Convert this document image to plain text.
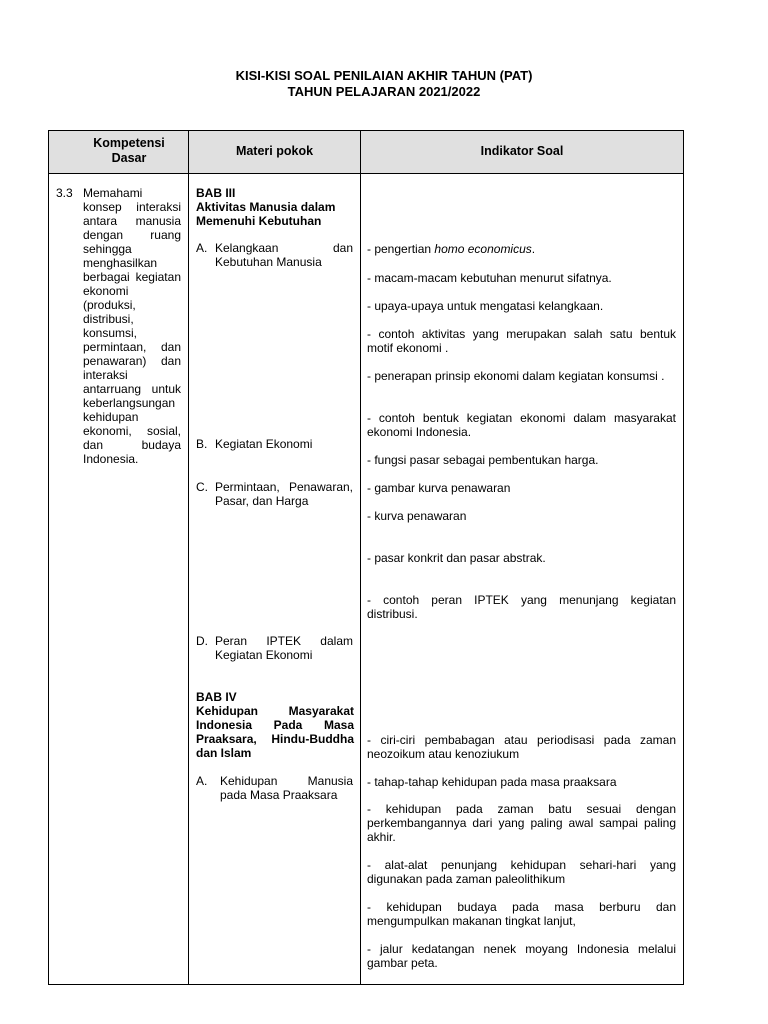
KISI-KISI SOAL PENILAIAN AKHIR TAHUN (PAT)
TAHUN PELAJARAN 2021/2022
Kompetensi Dasar	Materi pokok	Indikator Soal
3.3 Memahami konsep interaksi antara manusia dengan ruang sehingga menghasilkan berbagai kegiatan ekonomi (produksi, distribusi, konsumsi, permintaan, dan penawaran) dan interaksi antarruang untuk keberlangsungan kehidupan ekonomi, sosial, dan budaya Indonesia.
BAB III
Aktivitas Manusia dalam Memenuhi Kebutuhan
A. Kelangkaan dan Kebutuhan Manusia
B. Kegiatan Ekonomi
C. Permintaan, Penawaran, Pasar, dan Harga
D. Peran IPTEK dalam Kegiatan Ekonomi
BAB IV
Kehidupan Masyarakat Indonesia Pada Masa Praaksara, Hindu-Buddha dan Islam
A. Kehidupan Manusia pada Masa Praaksara
- pengertian homo economicus.
- macam-macam kebutuhan menurut sifatnya.
- upaya-upaya untuk mengatasi kelangkaan.
- contoh aktivitas yang merupakan salah satu bentuk motif ekonomi .
- penerapan prinsip ekonomi dalam kegiatan konsumsi .
- contoh bentuk kegiatan ekonomi dalam masyarakat ekonomi Indonesia.
- fungsi pasar sebagai pembentukan harga.
- gambar kurva penawaran
- kurva penawaran
- pasar konkrit dan pasar abstrak.
- contoh peran IPTEK yang menunjang kegiatan distribusi.
- ciri-ciri pembabagan atau periodisasi pada zaman neozoikum atau kenoziukum
- tahap-tahap kehidupan pada masa praaksara
- kehidupan pada zaman batu sesuai dengan perkembangannya dari yang paling awal sampai paling akhir.
- alat-alat penunjang kehidupan sehari-hari yang digunakan pada zaman paleolithikum
- kehidupan budaya pada masa berburu dan mengumpulkan makanan tingkat lanjut,
- jalur kedatangan nenek moyang Indonesia melalui gambar peta.
